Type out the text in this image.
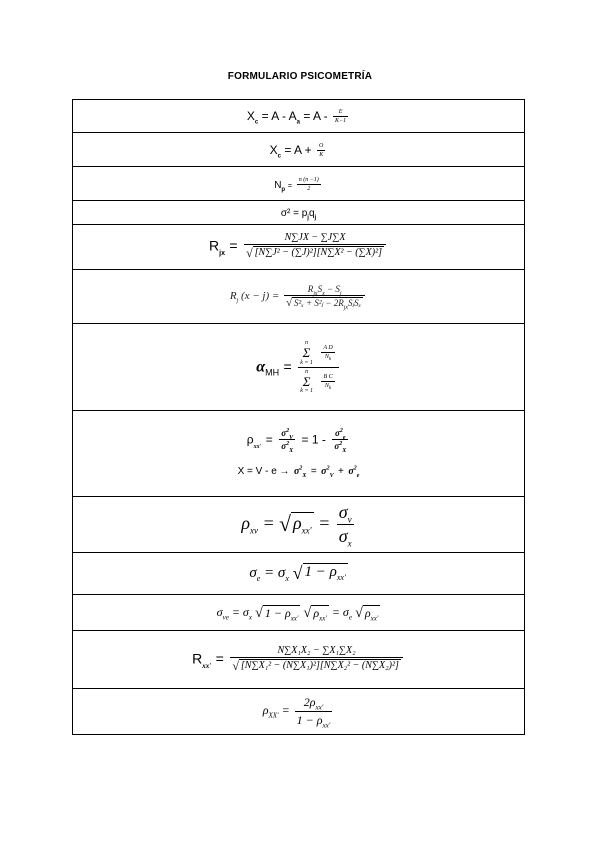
FORMULARIO PSICOMETRÍA
$X_c = A - A_a = A - \frac{E}{K-1}$

$X_c = A + \frac{O}{K}$

$N_p = \frac{n (n -1)}{2}$

$\sigma^2 = p_jq_j$
$R_{jx} = \frac{N\sum JX - \sum J\sum X}{\text{√ [N∑J² − (∑J)²][N∑X² − (∑X)²]}}$

$R_j$ $(x - j) = \frac{R_{jx}S_x - S_j}{√ S^2_x + S^2ⱼ - 2R_{jx}SⱼS_x}$

$\alpha_{MH} = n$
Σ
k = 1
$\frac{\text{A D}}{N_k}$
n
Σ
k = 1
$\frac{\text{B C}}{N_k}$

$\rho_{xx'} = \frac{\sigma^2_V}{\sigma^2_X} = 1 - \frac{\sigma^2_e}{\sigma^2_X}$
$X = V - e \to \sigma^2_X = \sigma^2_V + \sigma^2_e$

$\rho_{xv}$ = √ $\rho_{xx'} = \frac{\sigma_v}{\sigma_x}$

$\sigma_e = \sigma_x$ √ $1 - \rho_{xx'}$
$\sigma_{ve} = \sigma_x$ √ $1 - \rho_{xx'}$ √ $\rho_{xx'} = \sigma_e$ √ $\rho_{xx'}$
$R_{xx'} = \frac{\text{N∑X₁X₂ − ∑X₁∑X₂}}{\text{√ [N∑X₁² − (N∑X₁)²][N∑X₂² − (N∑X₂)²]}}$

$\rho_{XX'} = \frac{2\rho_{xx'}}{1 - \rho_{xx'}}$
